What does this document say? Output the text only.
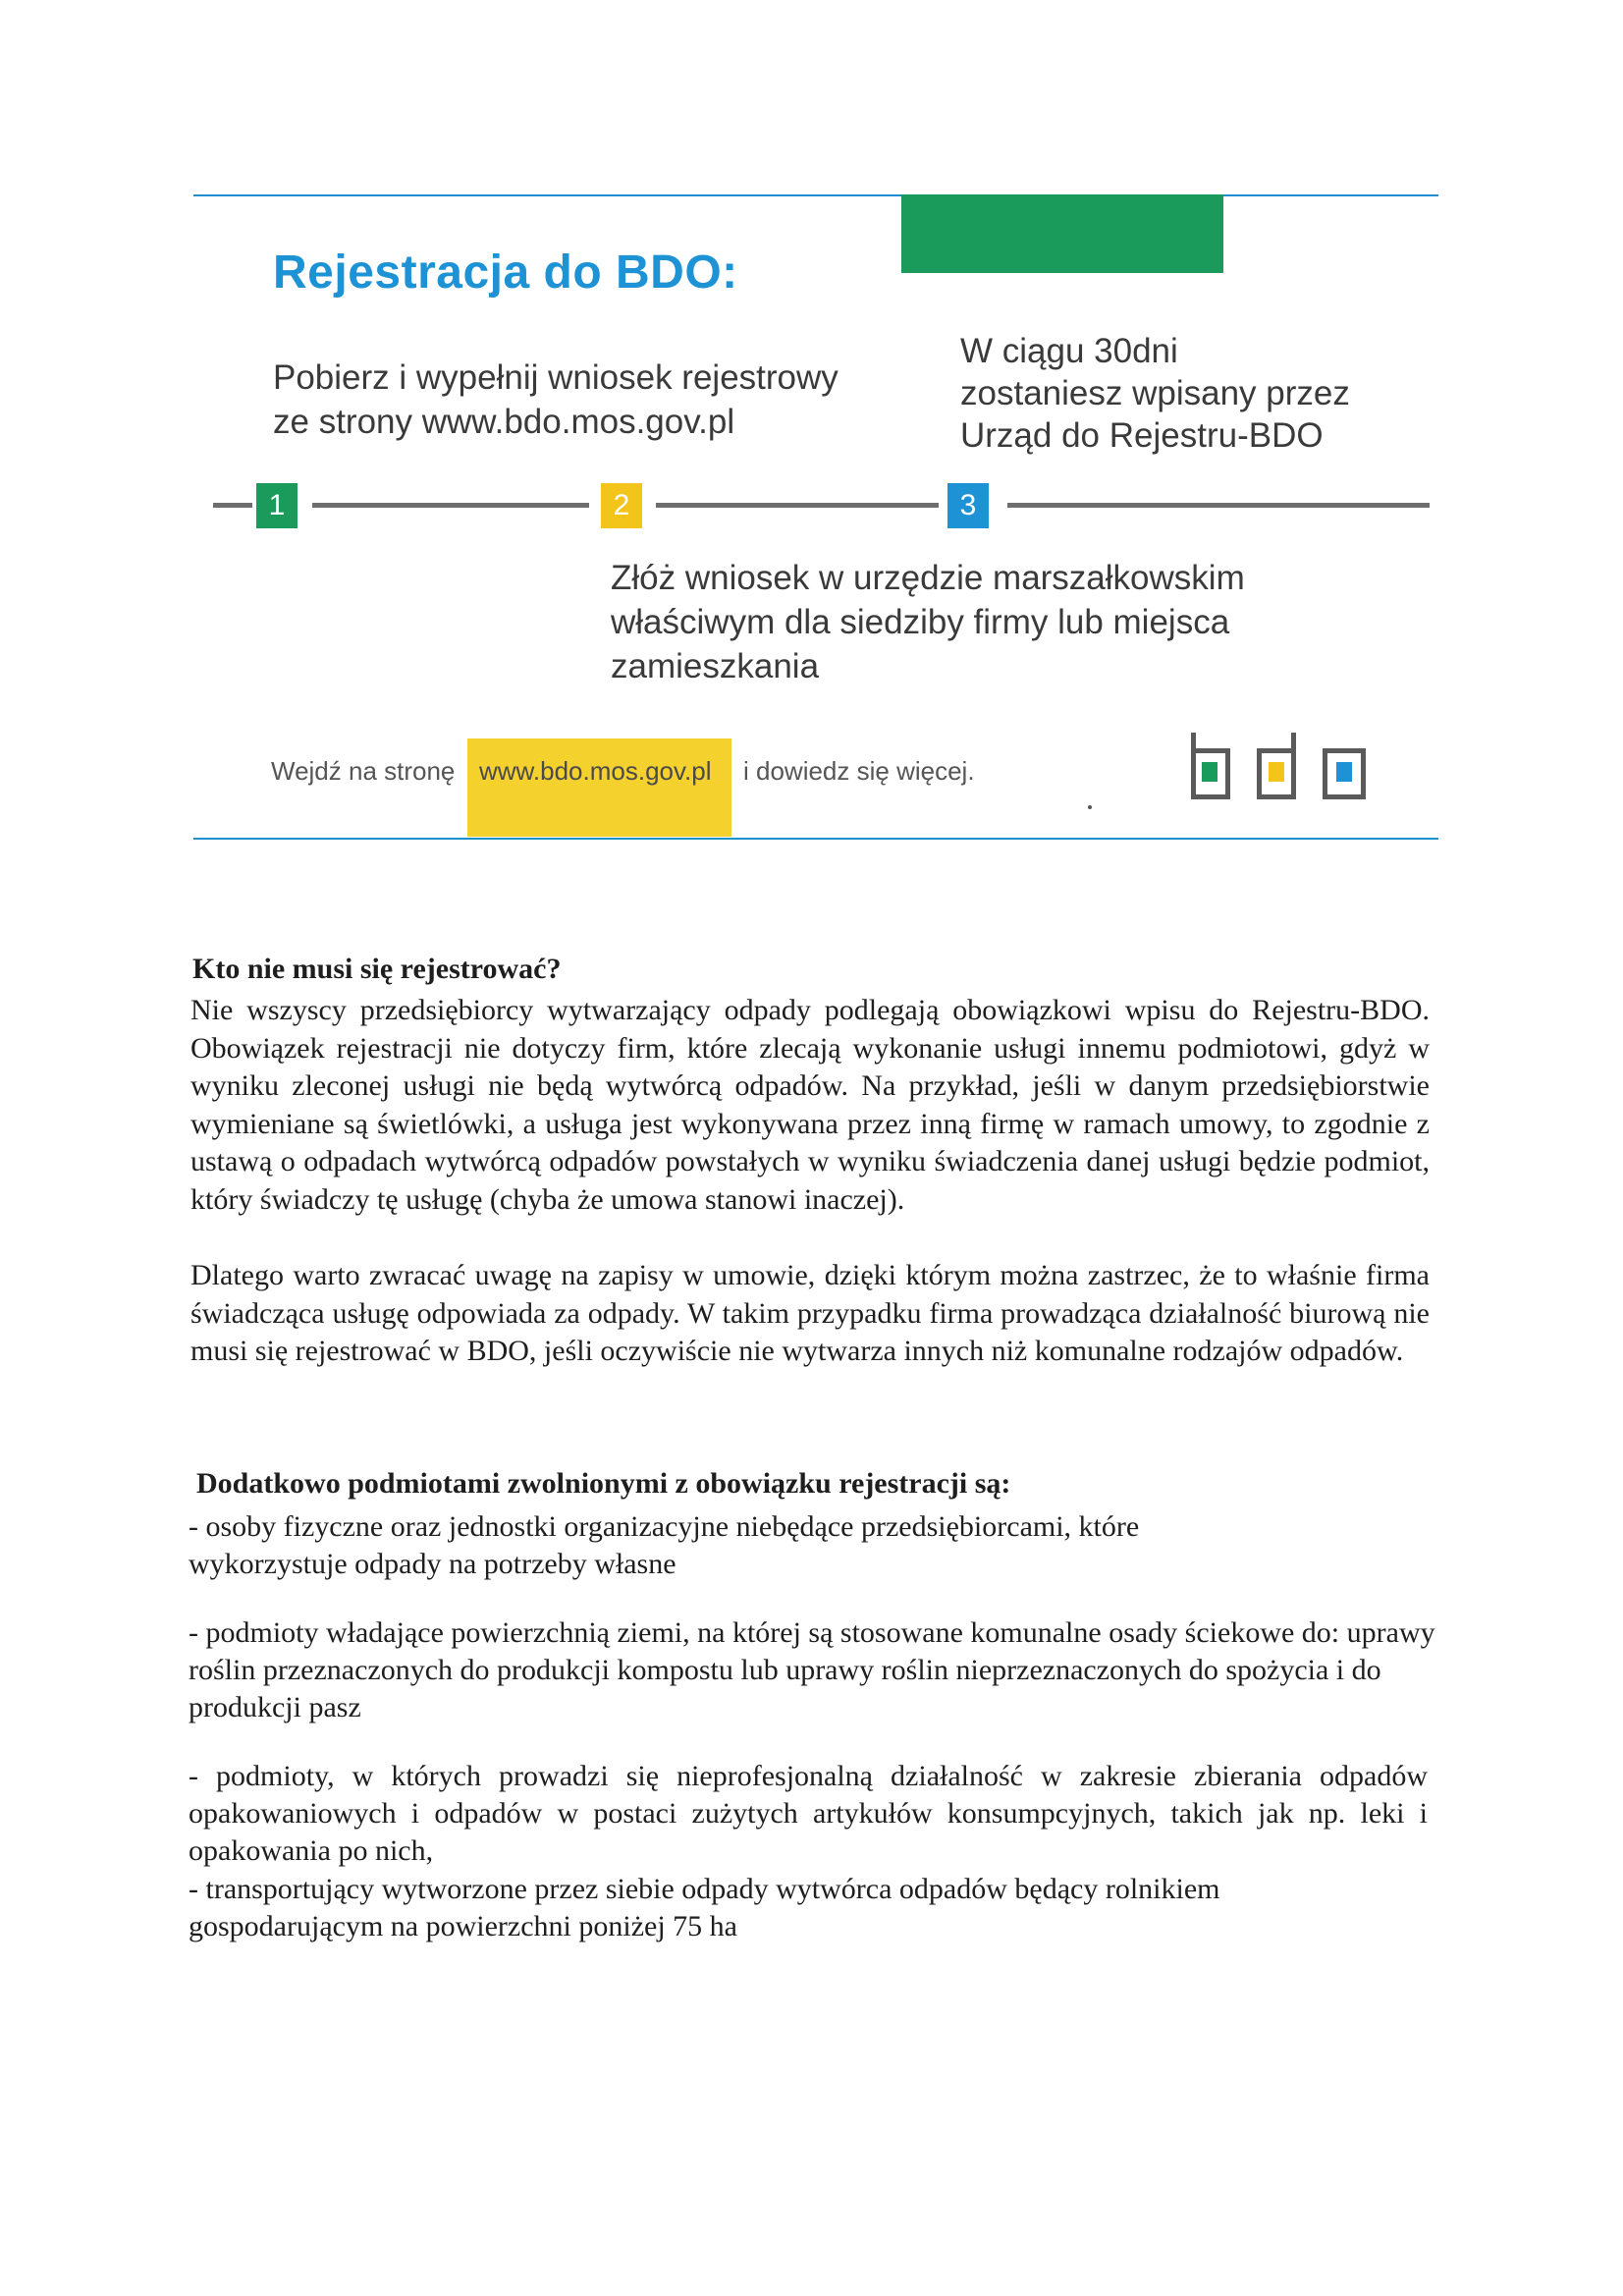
Rejestracja do BDO:
Pobierz i wypełnij wniosek rejestrowy
ze strony www.bdo.mos.gov.pl
W ciągu 30dni
zostaniesz wpisany przez
Urząd do Rejestru-BDO
1	2	3
Złóż wniosek w urzędzie marszałkowskim
właściwym dla siedziby firmy lub miejsca
zamieszkania
Wejdź na stronę www.bdo.mos.gov.pl i dowiedz się więcej.
Kto nie musi się rejestrować?

Nie wszyscy przedsiębiorcy wytwarzający odpady podlegają obowiązkowi wpisu do Rejestru-BDO. Obowiązek rejestracji nie dotyczy firm, które zlecają wykonanie usługi innemu podmiotowi, gdyż w wyniku zleconej usługi nie będą wytwórcą odpadów. Na przykład, jeśli w danym przedsiębiorstwie wymieniane są świetlówki, a usługa jest wykonywana przez inną firmę w ramach umowy, to zgodnie z ustawą o odpadach wytwórcą odpadów powstałych w wyniku świadczenia danej usługi będzie podmiot, który świadczy tę usługę (chyba że umowa stanowi inaczej).

Dlatego warto zwracać uwagę na zapisy w umowie, dzięki którym można zastrzec, że to właśnie firma świadcząca usługę odpowiada za odpady. W takim przypadku firma prowadząca działalność biurową nie musi się rejestrować w BDO, jeśli oczywiście nie wytwarza innych niż komunalne rodzajów odpadów.

Dodatkowo podmiotami zwolnionymi z obowiązku rejestracji są:

- osoby fizyczne oraz jednostki organizacyjne niebędące przedsiębiorcami, które wykorzystuje odpady na potrzeby własne

- podmioty władające powierzchnią ziemi, na której są stosowane komunalne osady ściekowe do: uprawy roślin przeznaczonych do produkcji kompostu lub uprawy roślin nieprzeznaczonych do spożycia i do produkcji pasz

- podmioty, w których prowadzi się nieprofesjonalną działalność w zakresie zbierania odpadów opakowaniowych i odpadów w postaci zużytych artykułów konsumpcyjnych, takich jak np. leki i opakowania po nich,

- transportujący wytworzone przez siebie odpady wytwórca odpadów będący rolnikiem gospodarującym na powierzchni poniżej 75 ha
